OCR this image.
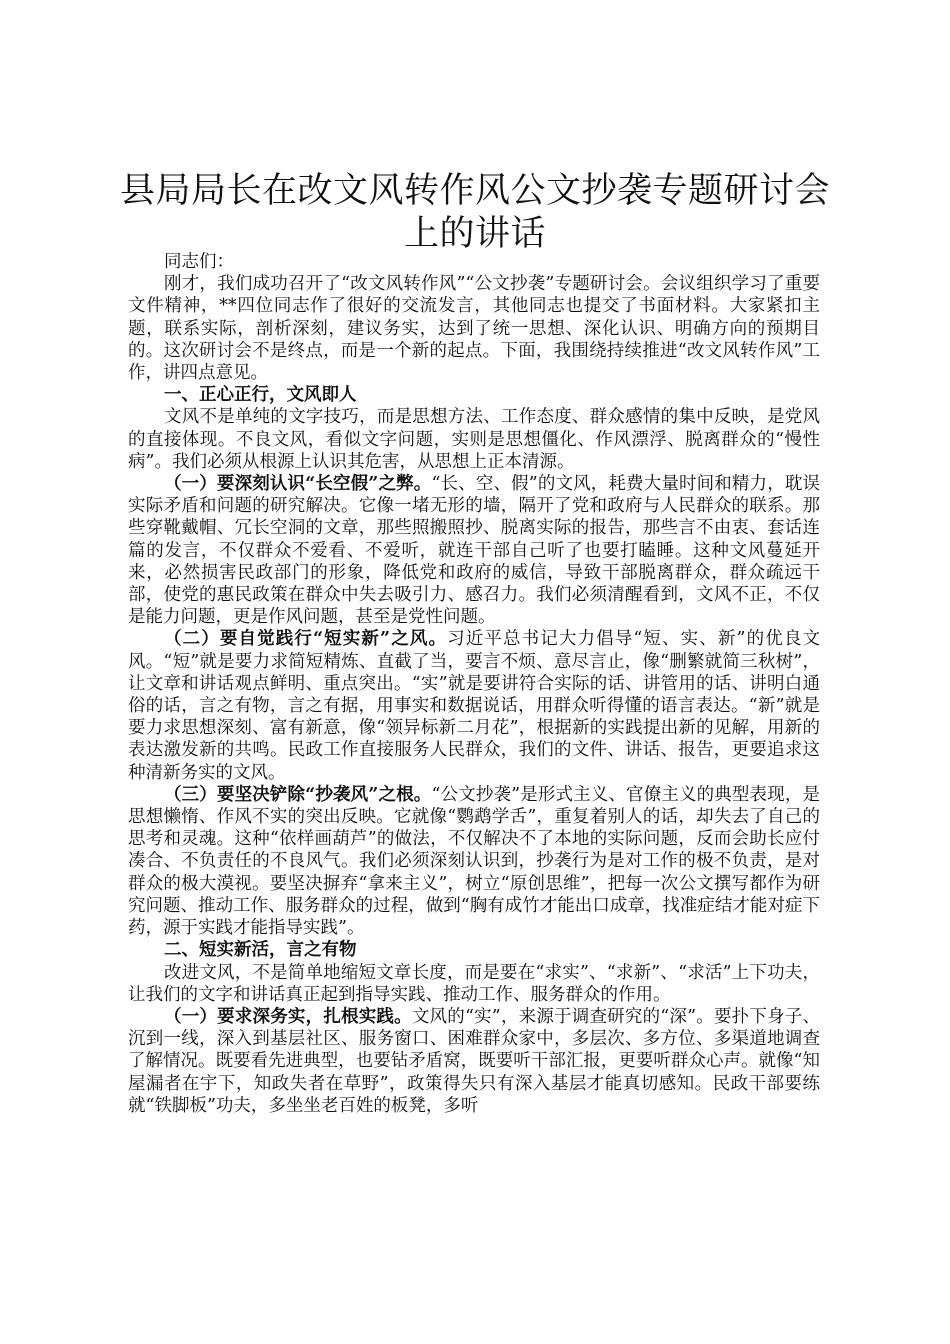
县局局长在改文风转作风公文抄袭专题研讨会上的讲话

同志们：

刚才，我们成功召开了“改文风转作风”“公文抄袭”专题研讨会。会议组织学习了重要文件精神，**四位同志作了很好的交流发言，其他同志也提交了书面材料。大家紧扣主题，联系实际，剖析深刻，建议务实，达到了统一思想、深化认识、明确方向的预期目的。这次研讨会不是终点，而是一个新的起点。下面，我围绕持续推进“改文风转作风”工作，讲四点意见。

一、正心正行，文风即人

文风不是单纯的文字技巧，而是思想方法、工作态度、群众感情的集中反映，是党风的直接体现。不良文风，看似文字问题，实则是思想僵化、作风漂浮、脱离群众的“慢性病”。我们必须从根源上认识其危害，从思想上正本清源。

（一）要深刻认识“长空假”之弊。“长、空、假”的文风，耗费大量时间和精力，耽误实际矛盾和问题的研究解决。它像一堵无形的墙，隔开了党和政府与人民群众的联系。那些穿靴戴帽、冗长空洞的文章，那些照搬照抄、脱离实际的报告，那些言不由衷、套话连篇的发言，不仅群众不爱看、不爱听，就连干部自己听了也要打瞌睡。这种文风蔓延开来，必然损害民政部门的形象，降低党和政府的威信，导致干部脱离群众，群众疏远干部，使党的惠民政策在群众中失去吸引力、感召力。我们必须清醒看到，文风不正，不仅是能力问题，更是作风问题，甚至是党性问题。

（二）要自觉践行“短实新”之风。习近平总书记大力倡导“短、实、新”的优良文风。“短”就是要力求简短精炼、直截了当，要言不烦、意尽言止，像“删繁就简三秋树”，让文章和讲话观点鲜明、重点突出。“实”就是要讲符合实际的话、讲管用的话、讲明白通俗的话，言之有物，言之有据，用事实和数据说话，用群众听得懂的语言表达。“新”就是要力求思想深刻、富有新意，像“领异标新二月花”，根据新的实践提出新的见解，用新的表达激发新的共鸣。民政工作直接服务人民群众，我们的文件、讲话、报告，更要追求这种清新务实的文风。

（三）要坚决铲除“抄袭风”之根。“公文抄袭”是形式主义、官僚主义的典型表现，是思想懒惰、作风不实的突出反映。它就像“鹦鹉学舌”，重复着别人的话，却失去了自己的思考和灵魂。这种“依样画葫芦”的做法，不仅解决不了本地的实际问题，反而会助长应付凑合、不负责任的不良风气。我们必须深刻认识到，抄袭行为是对工作的极不负责，是对群众的极大漠视。要坚决摒弃“拿来主义”，树立“原创思维”，把每一次公文撰写都作为研究问题、推动工作、服务群众的过程，做到“胸有成竹才能出口成章，找准症结才能对症下药，源于实践才能指导实践”。

二、短实新活，言之有物

改进文风，不是简单地缩短文章长度，而是要在“求实”、“求新”、“求活”上下功夫，让我们的文字和讲话真正起到指导实践、推动工作、服务群众的作用。

（一）要求深务实，扎根实践。文风的“实”，来源于调查研究的“深”。要扑下身子、沉到一线，深入到基层社区、服务窗口、困难群众家中，多层次、多方位、多渠道地调查了解情况。既要看先进典型，也要钻矛盾窝，既要听干部汇报，更要听群众心声。就像“知屋漏者在宇下，知政失者在草野”，政策得失只有深入基层才能真切感知。民政干部要练就“铁脚板”功夫，多坐坐老百姓的板凳，多听
